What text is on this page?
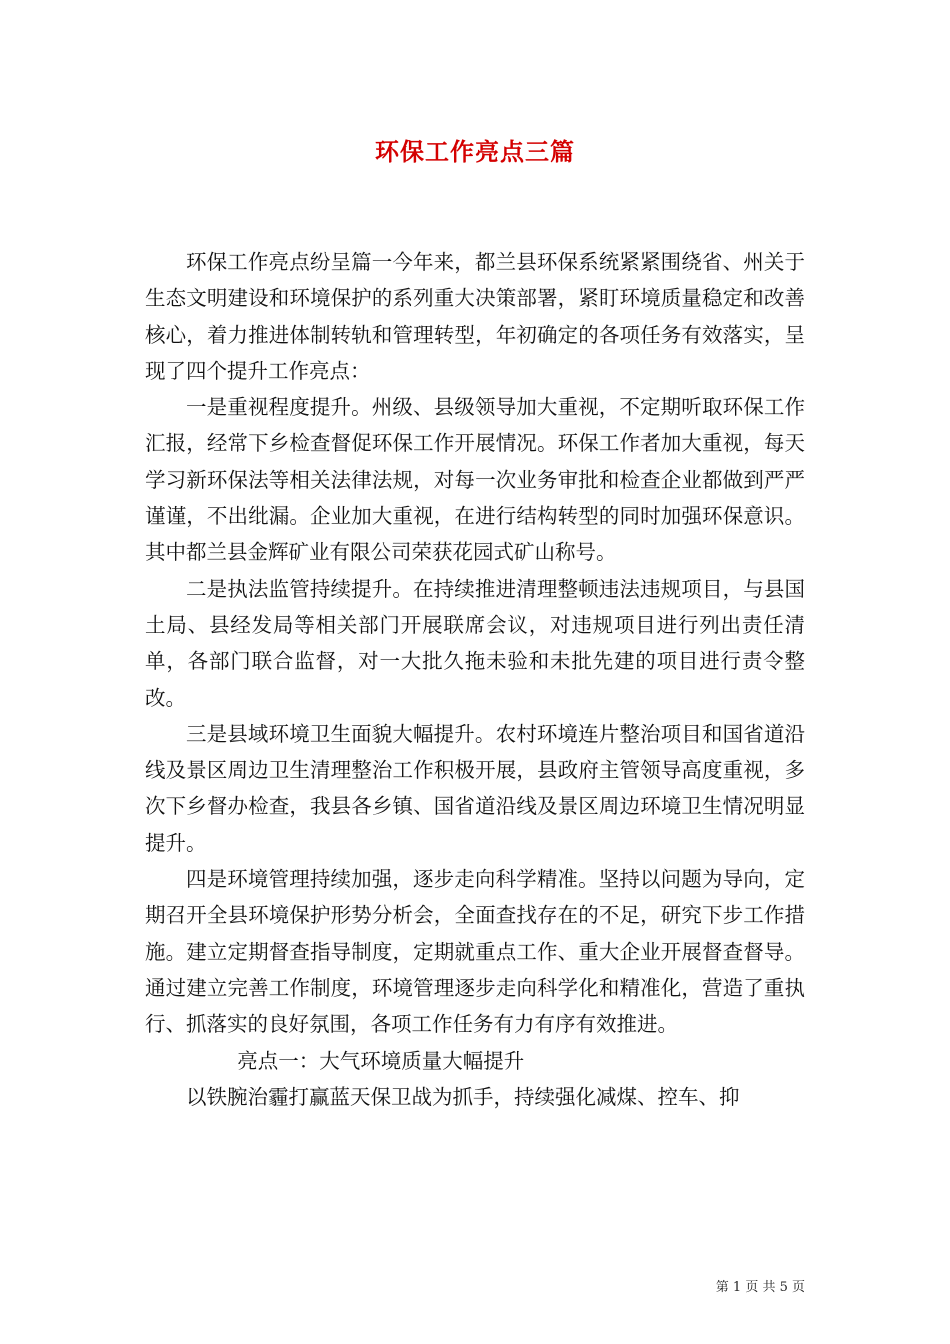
环保工作亮点三篇

环保工作亮点纷呈篇一今年来，都兰县环保系统紧紧围绕省、州关于生态文明建设和环境保护的系列重大决策部署，紧盯环境质量稳定和改善核心，着力推进体制转轨和管理转型，年初确定的各项任务有效落实，呈现了四个提升工作亮点：

一是重视程度提升。州级、县级领导加大重视，不定期听取环保工作汇报，经常下乡检查督促环保工作开展情况。环保工作者加大重视，每天学习新环保法等相关法律法规，对每一次业务审批和检查企业都做到严严谨谨，不出纰漏。企业加大重视，在进行结构转型的同时加强环保意识。其中都兰县金辉矿业有限公司荣获花园式矿山称号。

二是执法监管持续提升。在持续推进清理整顿违法违规项目，与县国土局、县经发局等相关部门开展联席会议，对违规项目进行列出责任清单，各部门联合监督，对一大批久拖未验和未批先建的项目进行责令整改。

三是县域环境卫生面貌大幅提升。农村环境连片整治项目和国省道沿线及景区周边卫生清理整治工作积极开展，县政府主管领导高度重视，多次下乡督办检查，我县各乡镇、国省道沿线及景区周边环境卫生情况明显提升。

四是环境管理持续加强，逐步走向科学精准。坚持以问题为导向，定期召开全县环境保护形势分析会，全面查找存在的不足，研究下步工作措施。建立定期督查指导制度，定期就重点工作、重大企业开展督查督导。通过建立完善工作制度，环境管理逐步走向科学化和精准化，营造了重执行、抓落实的良好氛围，各项工作任务有力有序有效推进。

亮点一：大气环境质量大幅提升

以铁腕治霾打赢蓝天保卫战为抓手，持续强化减煤、控车、抑

第 1 页 共 5 页
